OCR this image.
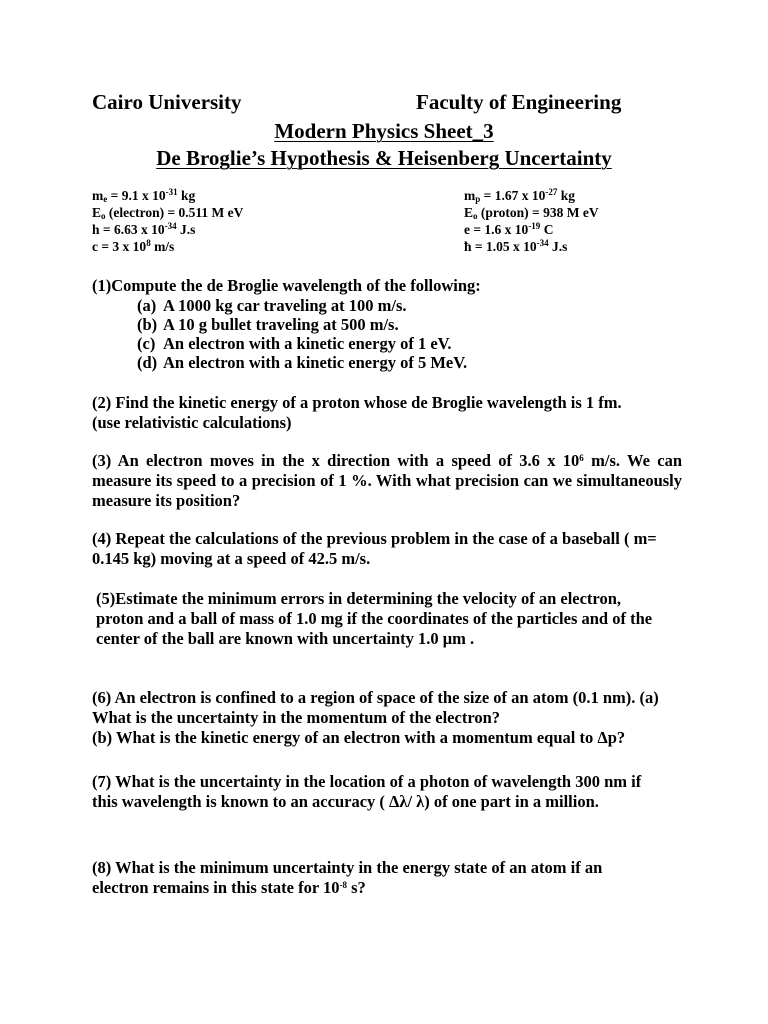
Cairo University	Faculty of Engineering
Modern Physics Sheet_3
De Broglie’s Hypothesis & Heisenberg Uncertainty
$m_e = 9.1$ x $10^{-31}$ kg
$E_o$ (electron) = 0.511 M eV
h = 6.63 x $10^{-34}$ J.s
c = 3 x $10^8$ m/s
$m_p = 1.67$ x $10^{-27}$ kg
$E_o$ (proton) = 938 M eV
e = 1.6 x $10^{-19}$ C
ħ = 1.05 x $10^{-34}$ J.s
(1)Compute the de Broglie wavelength of the following:
(a) A 1000 kg car traveling at 100 m/s.
(b) A 10 g bullet traveling at 500 m/s.
(c) An electron with a kinetic energy of 1 eV.
(d) An electron with a kinetic energy of 5 MeV.

(2) Find the kinetic energy of a proton whose de Broglie wavelength is 1 fm.

(use relativistic calculations)

(3) An electron moves in the x direction with a speed of 3.6 x $10^6$ m/s. We can measure its speed to a precision of 1 %. With what precision can we simultaneously measure its position?
(4) Repeat the calculations of the previous problem in the case of a baseball ( m= 0.145 kg) moving at a speed of 42.5 m/s.
(5)Estimate the minimum errors in determining the velocity of an electron, proton and a ball of mass of 1.0 mg if the coordinates of the particles and of the center of the ball are known with uncertainty 1.0 μm .

(6) An electron is confined to a region of space of the size of an atom (0.1 nm). (a) What is the uncertainty in the momentum of the electron?

(b) What is the kinetic energy of an electron with a momentum equal to Δp?

(7) What is the uncertainty in the location of a photon of wavelength 300 nm if this wavelength is known to an accuracy ( Δλ/ λ) of one part in a million.
(8) What is the minimum uncertainty in the energy state of an atom if an electron remains in this state for $10^{-8}$ s?
